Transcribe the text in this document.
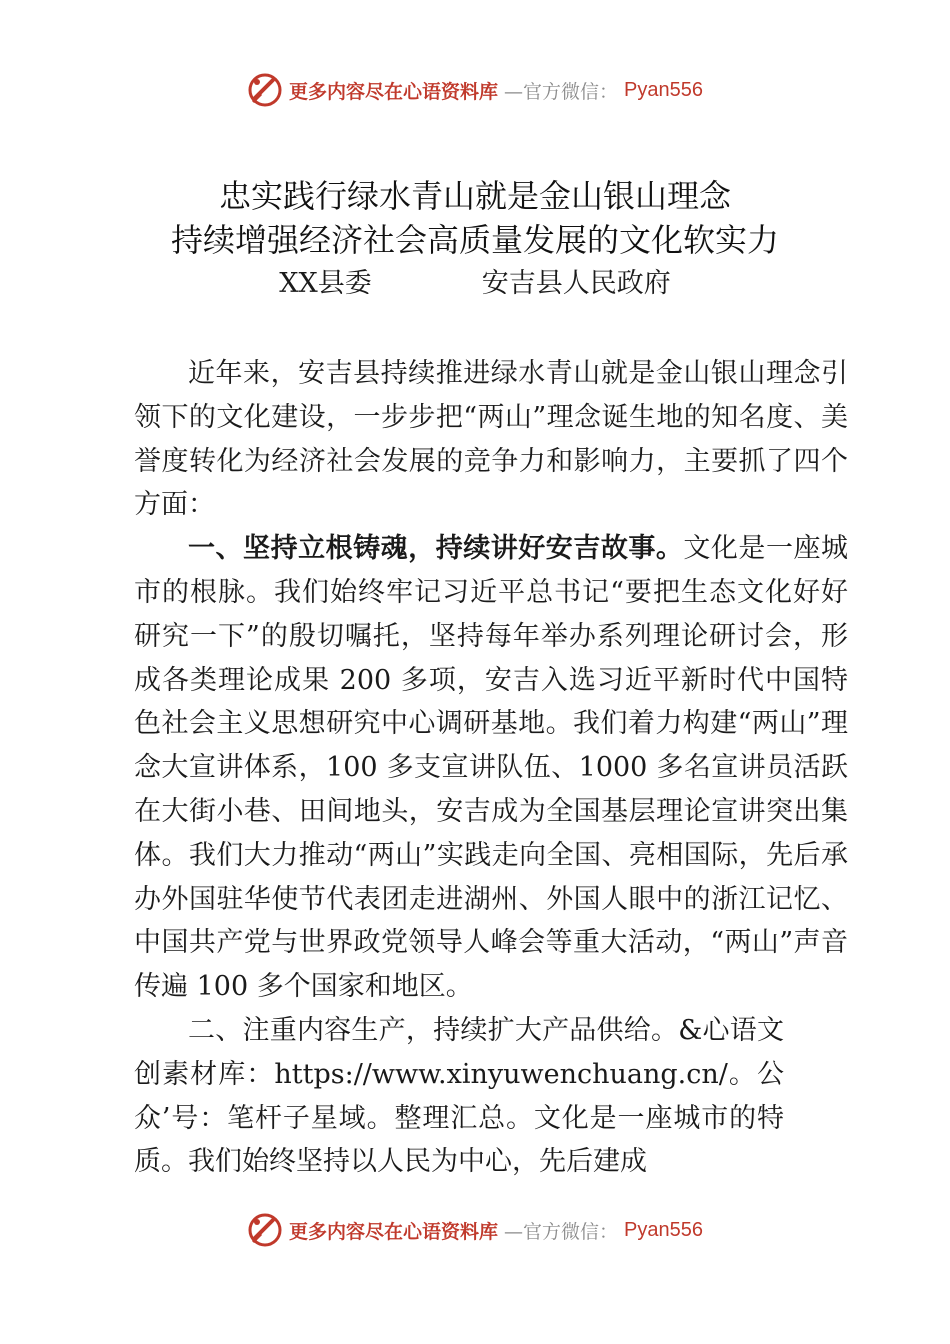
更多内容尽在心语资料库 —官方微信： Pyan556
忠实践行绿水青山就是金山银山理念
持续增强经济社会高质量发展的文化软实力
XX县委	安吉县人民政府

近年来，安吉县持续推进绿水青山就是金山银山理念引领下的文化建设，一步步把“两山”理念诞生地的知名度、美誉度转化为经济社会发展的竞争力和影响力，主要抓了四个方面：

一、坚持立根铸魂，持续讲好安吉故事。文化是一座城市的根脉。我们始终牢记习近平总书记“要把生态文化好好研究一下”的殷切嘱托，坚持每年举办系列理论研讨会，形成各类理论成果 200 多项，安吉入选习近平新时代中国特色社会主义思想研究中心调研基地。我们着力构建“两山”理念大宣讲体系，100 多支宣讲队伍、1000 多名宣讲员活跃在大街小巷、田间地头，安吉成为全国基层理论宣讲突出集体。我们大力推动“两山”实践走向全国、亮相国际，先后承办外国驻华使节代表团走进湖州、外国人眼中的浙江记忆、中国共产党与世界政党领导人峰会等重大活动，“两山”声音传遍 100 多个国家和地区。

二、注重内容生产，持续扩大产品供给。&心语文创素材库：https://www.xinyuwenchuang.cn/。公众’号：笔杆子星域。整理汇总。文化是一座城市的特质。我们始终坚持以人民为中心，先后建成

更多内容尽在心语资料库 —官方微信： Pyan556
